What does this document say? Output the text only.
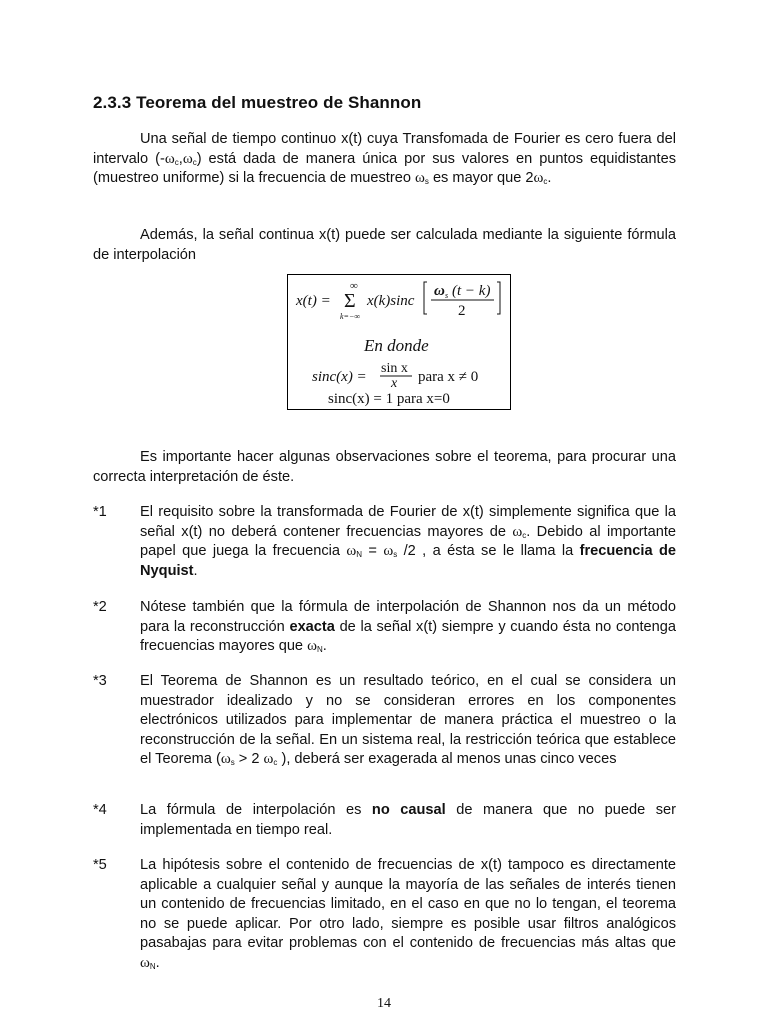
2.3.3 Teorema del muestreo de Shannon
Una señal de tiempo continuo x(t) cuya Transfomada de Fourier es cero fuera del intervalo $(-\omega_c,\omega_c)$ está dada de manera única por sus valores en puntos equidistantes (muestreo uniforme) si la frecuencia de muestreo $\omega_s$ es mayor que $2\omega_c$.
Además, la señal continua x(t) puede ser calculada mediante la siguiente fórmula de interpolación
x(t) =
∞
Σ
k=−∞
x(k)sinc
ω s (t − k)
2
En donde
sinc(x) =
sin x
x para x ≠ 0
sinc(x) = 1 para x=0
Es importante hacer algunas observaciones sobre el teorema, para procurar una correcta interpretación de éste.
*1 El requisito sobre la transformada de Fourier de x(t) simplemente significa que la señal x(t) no deberá contener frecuencias mayores de $\omega_c$. Debido al importante papel que juega la frecuencia $\omega_N = \omega_s$ /2 , a ésta se le llama la frecuencia de Nyquist.
*2 Nótese también que la fórmula de interpolación de Shannon nos da un método para la reconstrucción exacta de la señal x(t) siempre y cuando ésta no contenga frecuencias mayores que $\omega_N$.
*3 El Teorema de Shannon es un resultado teórico, en el cual se considera un muestrador idealizado y no se consideran errores en los componentes electrónicos utilizados para implementar de manera práctica el muestreo o la reconstrucción de la señal. En un sistema real, la restricción teórica que establece el Teorema ($\omega_s > 2$ $\omega_c$ ), deberá ser exagerada al menos unas cinco veces
*4 La fórmula de interpolación es no causal de manera que no puede ser implementada en tiempo real.
*5 La hipótesis sobre el contenido de frecuencias de x(t) tampoco es directamente aplicable a cualquier señal y aunque la mayoría de las señales de interés tienen un contenido de frecuencias limitado, en el caso en que no lo tengan, el teorema no se puede aplicar. Por otro lado, siempre es posible usar filtros analógicos pasabajas para evitar problemas con el contenido de frecuencias más altas que $\omega_N$.
14
